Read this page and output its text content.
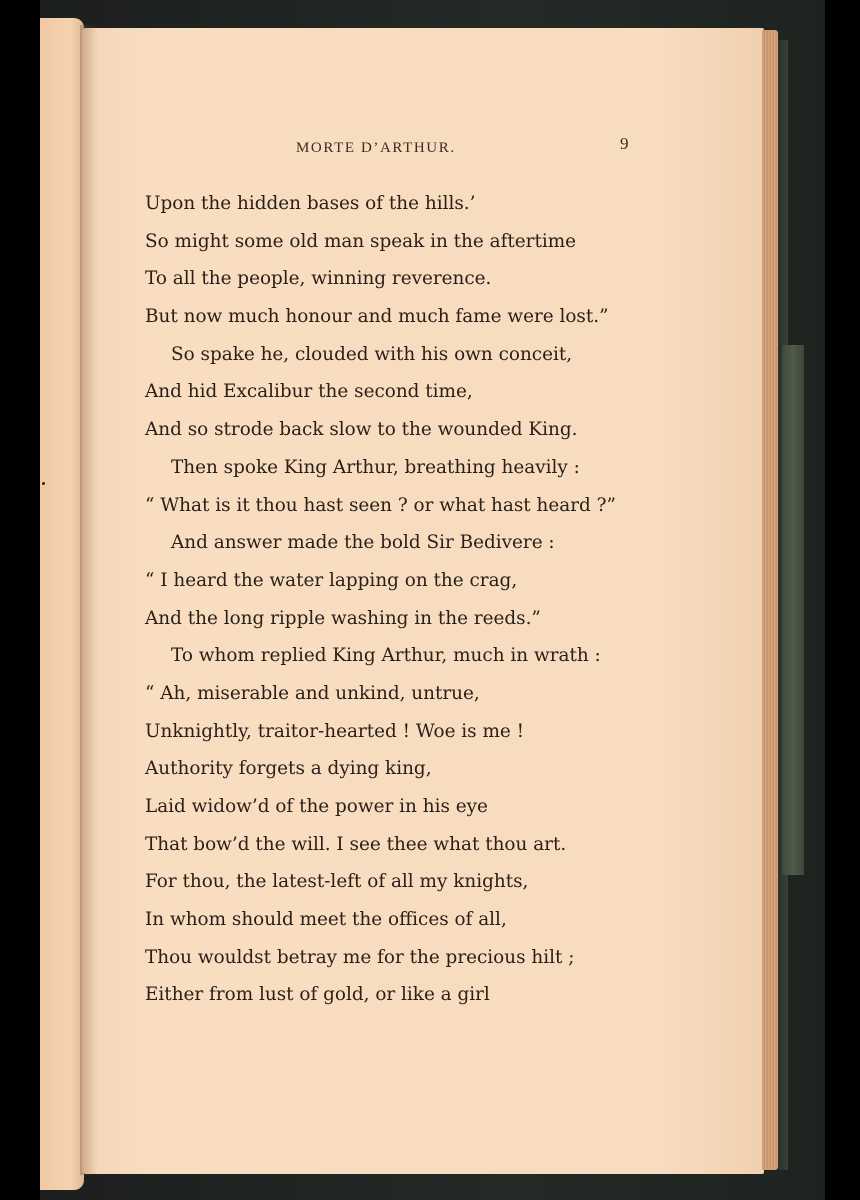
MORTE D’ARTHUR.	9
Upon the hidden bases of the hills.’
So might some old man speak in the aftertime
To all the people, winning reverence.
But now much honour and much fame were lost.”
So spake he, clouded with his own conceit,
And hid Excalibur the second time,
And so strode back slow to the wounded King.
Then spoke King Arthur, breathing heavily :
“ What is it thou hast seen ? or what hast heard ?”
And answer made the bold Sir Bedivere :
“ I heard the water lapping on the crag,
And the long ripple washing in the reeds.”
To whom replied King Arthur, much in wrath :
“ Ah, miserable and unkind, untrue,
Unknightly, traitor-hearted ! Woe is me !
Authority forgets a dying king,
Laid widow’d of the power in his eye
That bow’d the will. I see thee what thou art.
For thou, the latest-left of all my knights,
In whom should meet the offices of all,
Thou wouldst betray me for the precious hilt ;
Either from lust of gold, or like a girl
